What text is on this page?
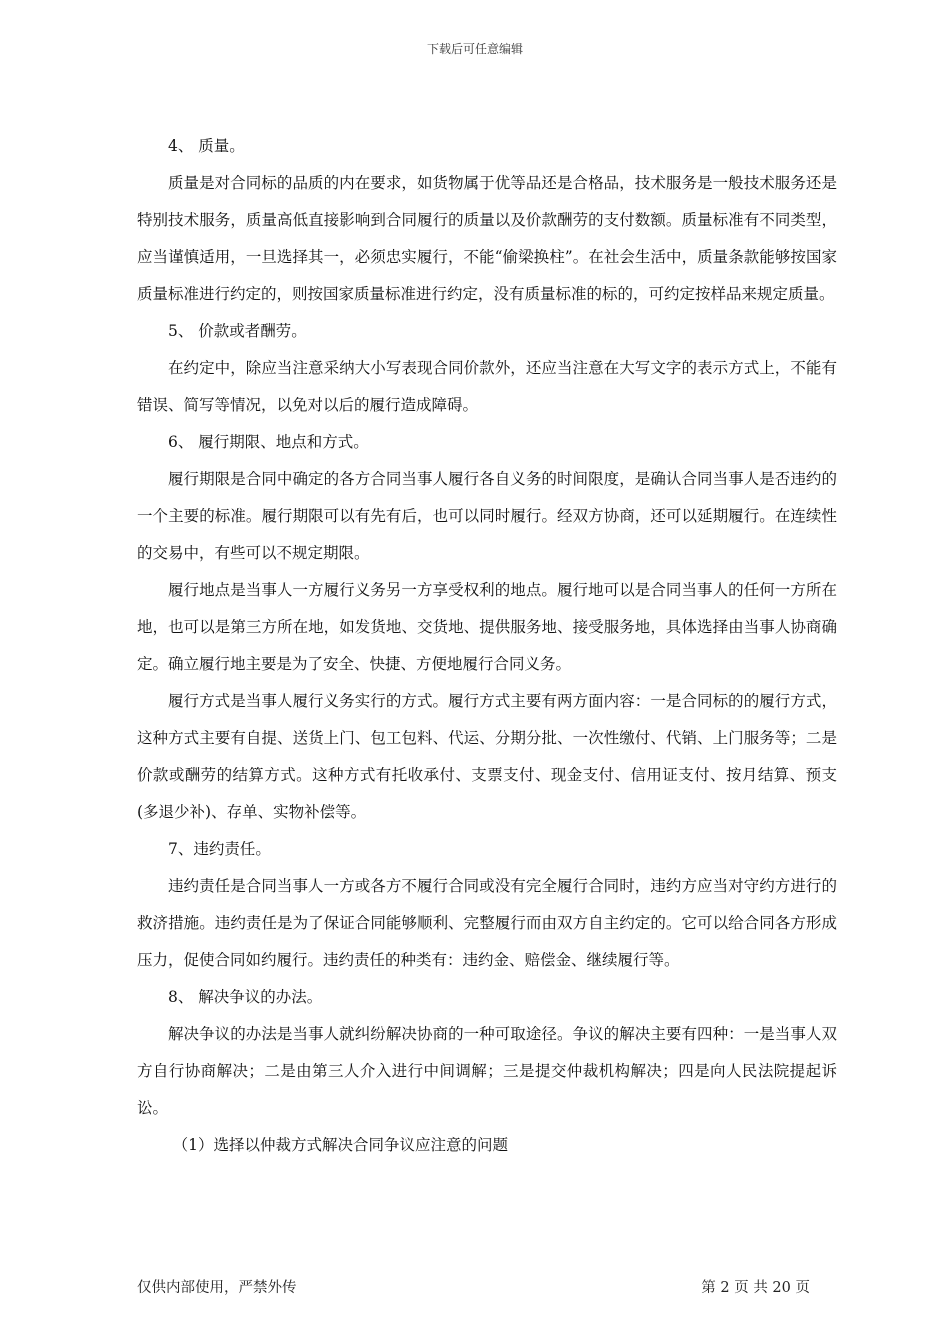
下载后可任意编辑

4、 质量。

质量是对合同标的品质的内在要求，如货物属于优等品还是合格品，技术服务是一般技术服务还是特别技术服务，质量高低直接影响到合同履行的质量以及价款酬劳的支付数额。质量标准有不同类型，应当谨慎适用，一旦选择其一，必须忠实履行，不能“偷梁换柱”。在社会生活中，质量条款能够按国家质量标准进行约定的，则按国家质量标准进行约定，没有质量标准的标的，可约定按样品来规定质量。

5、 价款或者酬劳。

在约定中，除应当注意采纳大小写表现合同价款外，还应当注意在大写文字的表示方式上，不能有错误、简写等情况，以免对以后的履行造成障碍。

6、 履行期限、地点和方式。

履行期限是合同中确定的各方合同当事人履行各自义务的时间限度，是确认合同当事人是否违约的一个主要的标准。履行期限可以有先有后，也可以同时履行。经双方协商，还可以延期履行。在连续性的交易中，有些可以不规定期限。

履行地点是当事人一方履行义务另一方享受权利的地点。履行地可以是合同当事人的任何一方所在地，也可以是第三方所在地，如发货地、交货地、提供服务地、接受服务地，具体选择由当事人协商确定。确立履行地主要是为了安全、快捷、方便地履行合同义务。

履行方式是当事人履行义务实行的方式。履行方式主要有两方面内容：一是合同标的的履行方式，这种方式主要有自提、送货上门、包工包料、代运、分期分批、一次性缴付、代销、上门服务等；二是价款或酬劳的结算方式。这种方式有托收承付、支票支付、现金支付、信用证支付、按月结算、预支(多退少补)、存单、实物补偿等。

7、违约责任。

违约责任是合同当事人一方或各方不履行合同或没有完全履行合同时，违约方应当对守约方进行的救济措施。违约责任是为了保证合同能够顺利、完整履行而由双方自主约定的。它可以给合同各方形成压力，促使合同如约履行。违约责任的种类有：违约金、赔偿金、继续履行等。

8、 解决争议的办法。

解决争议的办法是当事人就纠纷解决协商的一种可取途径。争议的解决主要有四种：一是当事人双方自行协商解决；二是由第三人介入进行中间调解；三是提交仲裁机构解决；四是向人民法院提起诉讼。

（1）选择以仲裁方式解决合同争议应注意的问题

仅供内部使用，严禁外传	第 2 页 共 20 页
